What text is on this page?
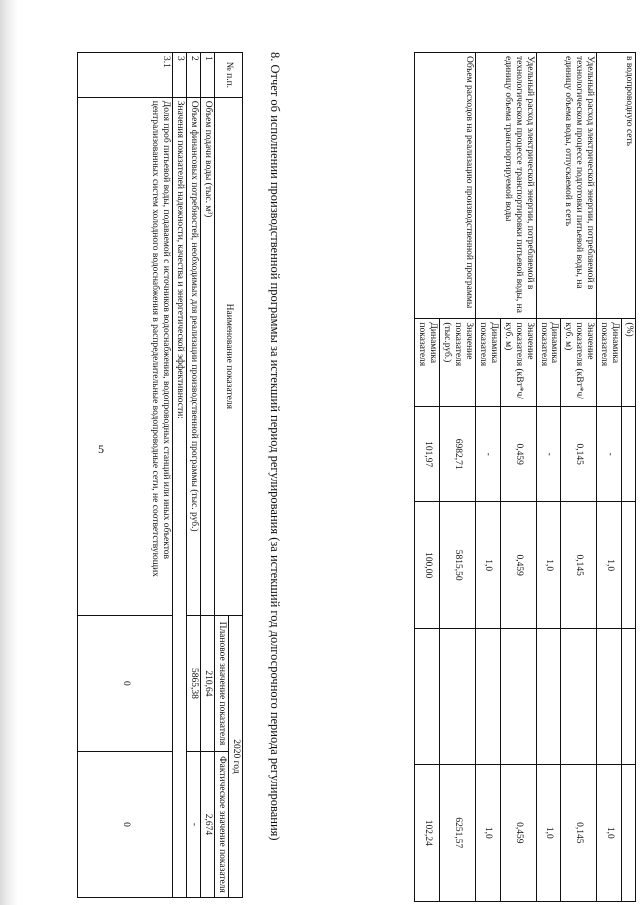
5
в водопроводную сеть	(%)				
	Динамика показателя	-	1,0		1,0
Удельный расход электрической энергии, потребляемой в технологическом процессе подготовки питьевой воды, на единицу объема воды, отпускаемой в сеть	Значение показателя (кВт*ч/куб. м)	0,145	0,145		0,145
	Динамика показателя	-	1,0		1,0
Удельный расход электрической энергии, потребляемой в технологическом процессе транспортировки питьевой воды, на единицу объема транспортируемой воды	Значение показателя (кВт*ч/куб. м)	0,459	0,459		0,459
	Динамика показателя	-	1,0		1,0
Объем расходов на реализацию производственной программы	Значение показателя (тыс.руб.)	6982,71	5815,50		6251,57
	Динамика показателя	101,97	100,00		102,24
8. Отчет об исполнении производственной программы за истекший период регулирования (за истекший год долгосрочного периода регулирования)
№ п.п.	Наименование показателя	2020 год	
		Плановое значение показателя	Фактическое значение показателя
1	Объем подачи воды (тыс. м³)	210,64	2,674
2	Объем финансовых потребностей, необходимых для реализации производственной программы (тыс. руб.)	5865,38	-
3	Значения показателей надежности, качества и энергетической эффективности:		
3.1	Доля проб питьевой воды, подаваемой с источников водоснабжения, водопроводных станций или иных объектов централизованных систем холодного водоснабжения в распределительные водопроводные сети, не соответствующих	0	0
